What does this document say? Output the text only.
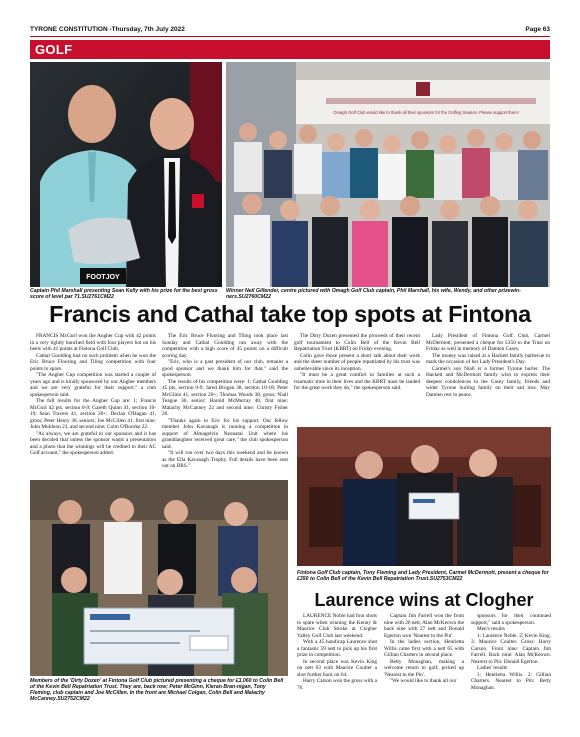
TYRONE CONSTITUTION -Thursday, 7th July 2022	Page 63
GOLF
FOOTJOY
Captain Phil Marshall presenting Sean Kelly with his prize for the best gross score of level par 71.SU2761CM22
Omagh Golf Club would like to thank all their sponsors for the Golfing Season. Please support them!
Winner Neil Gillender, centre pictured with Omagh Golf Club captain, Phil Marshall, his wife, Wendy, and other prizewin-ners.SU2760CM22
Francis and Cathal take top spots at Fintona

FRANCIS McGurl won the Angher Cup with 42 points in a very tightly bunched field with four players hot on his heels with 41 points at Fintona Golf Club.

Cathal Goulding had no such problem when he won the Eric Bruce Flooring and Tiling competition with four points to spare.

"The Angher Cup competition was started a couple of years ago and is kindly sponsored by our Angher members and we are very grateful for their support," a club spokesperson said.

The full results for the Angher Cup are: 1; Francis McGurl 42 pts, section 0-9; Gareth Quinn 41, section 10-19; Sean Travers 41, section 20+; Declan O'Hagan 41, gross; Peter Henry 36, seniors; Joe McCillen 41, first nine; John Muldoon 23, and second nine; Colm O'Rourke 22.

"As always, we are grateful to our sponsors and it has been decided that unless the sponsor wants a presentation and a photo that the winnings will be credited to their AC Golf account," the spokesperson added.

The Eric Bruce Flooring and Tiling took place last Sunday and Cathal Goulding ran away with the competition with a high score of 45 points on a difficult scoring day.

"Eric, who is a past president of our club, remains a good sponsor and we thank him for that," said the spokesperson.

The results of his competition were: 1; Cathal Goulding 45 pts, section 0-9; Jared Brogan 38, section 10-18; Peter McGlinn 41, section 20+; Thomas Woods 38, gross; Niall Teague 36, senior; Harold McMurray 40, first nine; Malachy McCanney 22 and second nine; Christy Fisher 20.

"Thanks again to Eric for his support. Our fellow member John Kavanagh is running a competition in support of Altnagelvin Neonatal Unit where his granddaughter received great care," the club spokesperson said.

"It will run over two days this weekend and be known as the Ella Kavanagh Trophy. Full details have been sent out on BRS."

The Dirty Dozen presented the proceeds of their recent golf tournament to Colin Bell of the Kevin Bell Repatriation Trust (KBRT) on Friday evening.

Colin gave those present a short talk about their work and the sheer number of people repatriated by his trust was unbelievable since its inception.

"It must be a great comfort to families at such a traumatic time in their lives and the KBRT must be lauded for the great work they do," the spokesperson said.

Lady President of Fintona Golf Club, Carmel McDermott, presented a cheque for £350 to the Trust on Friday as well in memory of Damien Casey.

The money was raised at a Hackett family barbecue to mark the occasion of her Lady President's Day.

Carmel's son Niall is a former Tyrone hurler. The Hackett and McDermott family wish to express their deepest condolences to the Casey family, friends and wider Tyrone hurling family on their sad loss. May Damien rest in peace.

Members of the 'Dirty Dozen' at Fintona Golf Club pictured presenting a cheque for £3,060 to Colin Bell of the Kevin Bell Repatriation Trust. They are, back row; Peter McGinn, Kieran Bran-nigan, Tony Fleming, club captain and Joe McCillen. In the front are Michael Colgan, Colin Bell and Malachy McCanney.SU2752CM22
Fintona Golf Club captain, Tony Fleming and Lady President, Carmel McDermott, present a cheque for £350 to Colin Bell of the Kevin Bell Repatriation Trust.SU2753CM22
Laurence wins at Clogher

LAURENCE Noble had four shots to spare when winning the Kenny & Maurice Club Stroke at Clogher Valley Golf Club last weekend.

With a 45 handicap Laurence shot a fantastic 59 nett to pick up his first prize in competition.

In second place was Kevin King on nett 63 with Maurice Coulter a shot further back on 64.

Harry Carson won the gross with a 76.

Captain Jim Farrell won the front nine with 26 nett, Alan McKeown the back nine with 27 nett and Donald Egerton won 'Nearest to the Pin'.

In the ladies section, Henrietta Willis came first with a nett 65 with Gillian Charters in second place.

Betty Monaghan, making a welcome return to golf, picked up 'Nearest to the Pin'.

"We would like to thank all our

sponsors for their continued support," said a spokesperson.

Men's results

1: Laurence Noble. 2: Kevin King. 3: Maurice Coulter. Gross: Harry Carson. Front nine: Captain Jim Farrell. Back nine: Alan McKeown. Nearest to Pin: Donald Egerton.

Ladies' results

1: Henrietta Willis. 2: Gillian Charters. Nearest to Pin: Betty Monaghan.
